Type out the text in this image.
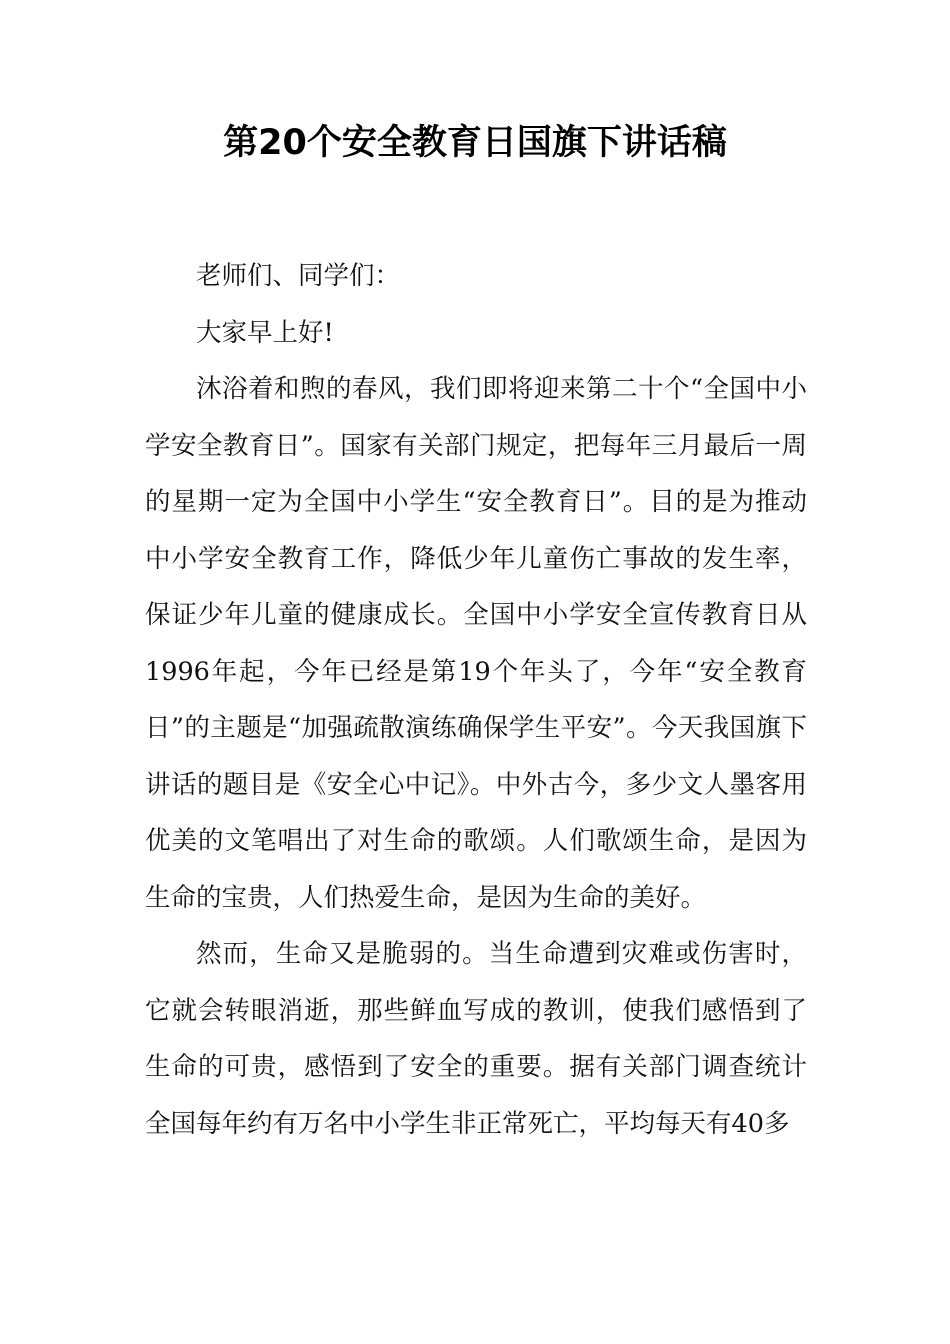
第20个安全教育日国旗下讲话稿

老师们、同学们：

大家早上好!

沐浴着和煦的春风，我们即将迎来第二十个“全国中小学安全教育日”。国家有关部门规定，把每年三月最后一周的星期一定为全国中小学生“安全教育日”。目的是为推动中小学安全教育工作，降低少年儿童伤亡事故的发生率，保证少年儿童的健康成长。全国中小学安全宣传教育日从1996年起，今年已经是第19个年头了，今年“安全教育日”的主题是“加强疏散演练确保学生平安”。今天我国旗下讲话的题目是《安全心中记》。中外古今，多少文人墨客用优美的文笔唱出了对生命的歌颂。人们歌颂生命，是因为生命的宝贵，人们热爱生命，是因为生命的美好。

然而，生命又是脆弱的。当生命遭到灾难或伤害时，它就会转眼消逝，那些鲜血写成的教训，使我们感悟到了生命的可贵，感悟到了安全的重要。据有关部门调查统计全国每年约有万名中小学生非正常死亡，平均每天有40多
